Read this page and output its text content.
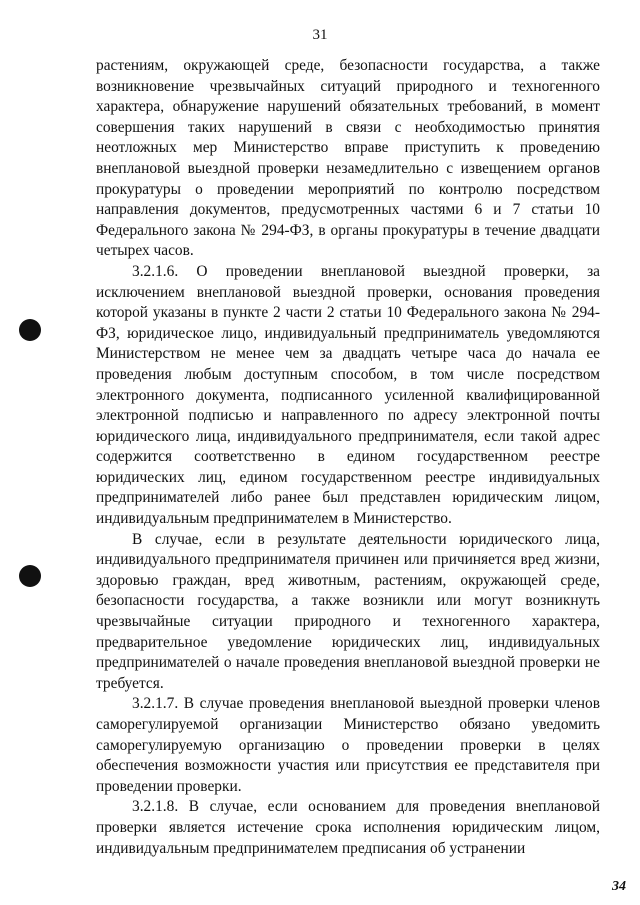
31

растениям, окружающей среде, безопасности государства, а также возникновение чрезвычайных ситуаций природного и техногенного характера, обнаружение нарушений обязательных требований, в момент совершения таких нарушений в связи с необходимостью принятия неотложных мер Министерство вправе приступить к проведению внеплановой выездной проверки незамедлительно с извещением органов прокуратуры о проведении мероприятий по контролю посредством направления документов, предусмотренных частями 6 и 7 статьи 10 Федерального закона № 294-ФЗ, в органы прокуратуры в течение двадцати четырех часов.

3.2.1.6. О проведении внеплановой выездной проверки, за исключением внеплановой выездной проверки, основания проведения которой указаны в пункте 2 части 2 статьи 10 Федерального закона № 294-ФЗ, юридическое лицо, индивидуальный предприниматель уведомляются Министерством не менее чем за двадцать четыре часа до начала ее проведения любым доступным способом, в том числе посредством электронного документа, подписанного усиленной квалифицированной электронной подписью и направленного по адресу электронной почты юридического лица, индивидуального предпринимателя, если такой адрес содержится соответственно в едином государственном реестре юридических лиц, едином государственном реестре индивидуальных предпринимателей либо ранее был представлен юридическим лицом, индивидуальным предпринимателем в Министерство.

В случае, если в результате деятельности юридического лица, индивидуального предпринимателя причинен или причиняется вред жизни, здоровью граждан, вред животным, растениям, окружающей среде, безопасности государства, а также возникли или могут возникнуть чрезвычайные ситуации природного и техногенного характера, предварительное уведомление юридических лиц, индивидуальных предпринимателей о начале проведения внеплановой выездной проверки не требуется.

3.2.1.7. В случае проведения внеплановой выездной проверки членов саморегулируемой организации Министерство обязано уведомить саморегулируемую организацию о проведении проверки в целях обеспечения возможности участия или присутствия ее представителя при проведении проверки.

3.2.1.8. В случае, если основанием для проведения внеплановой проверки является истечение срока исполнения юридическим лицом, индивидуальным предпринимателем предписания об устранении

34
